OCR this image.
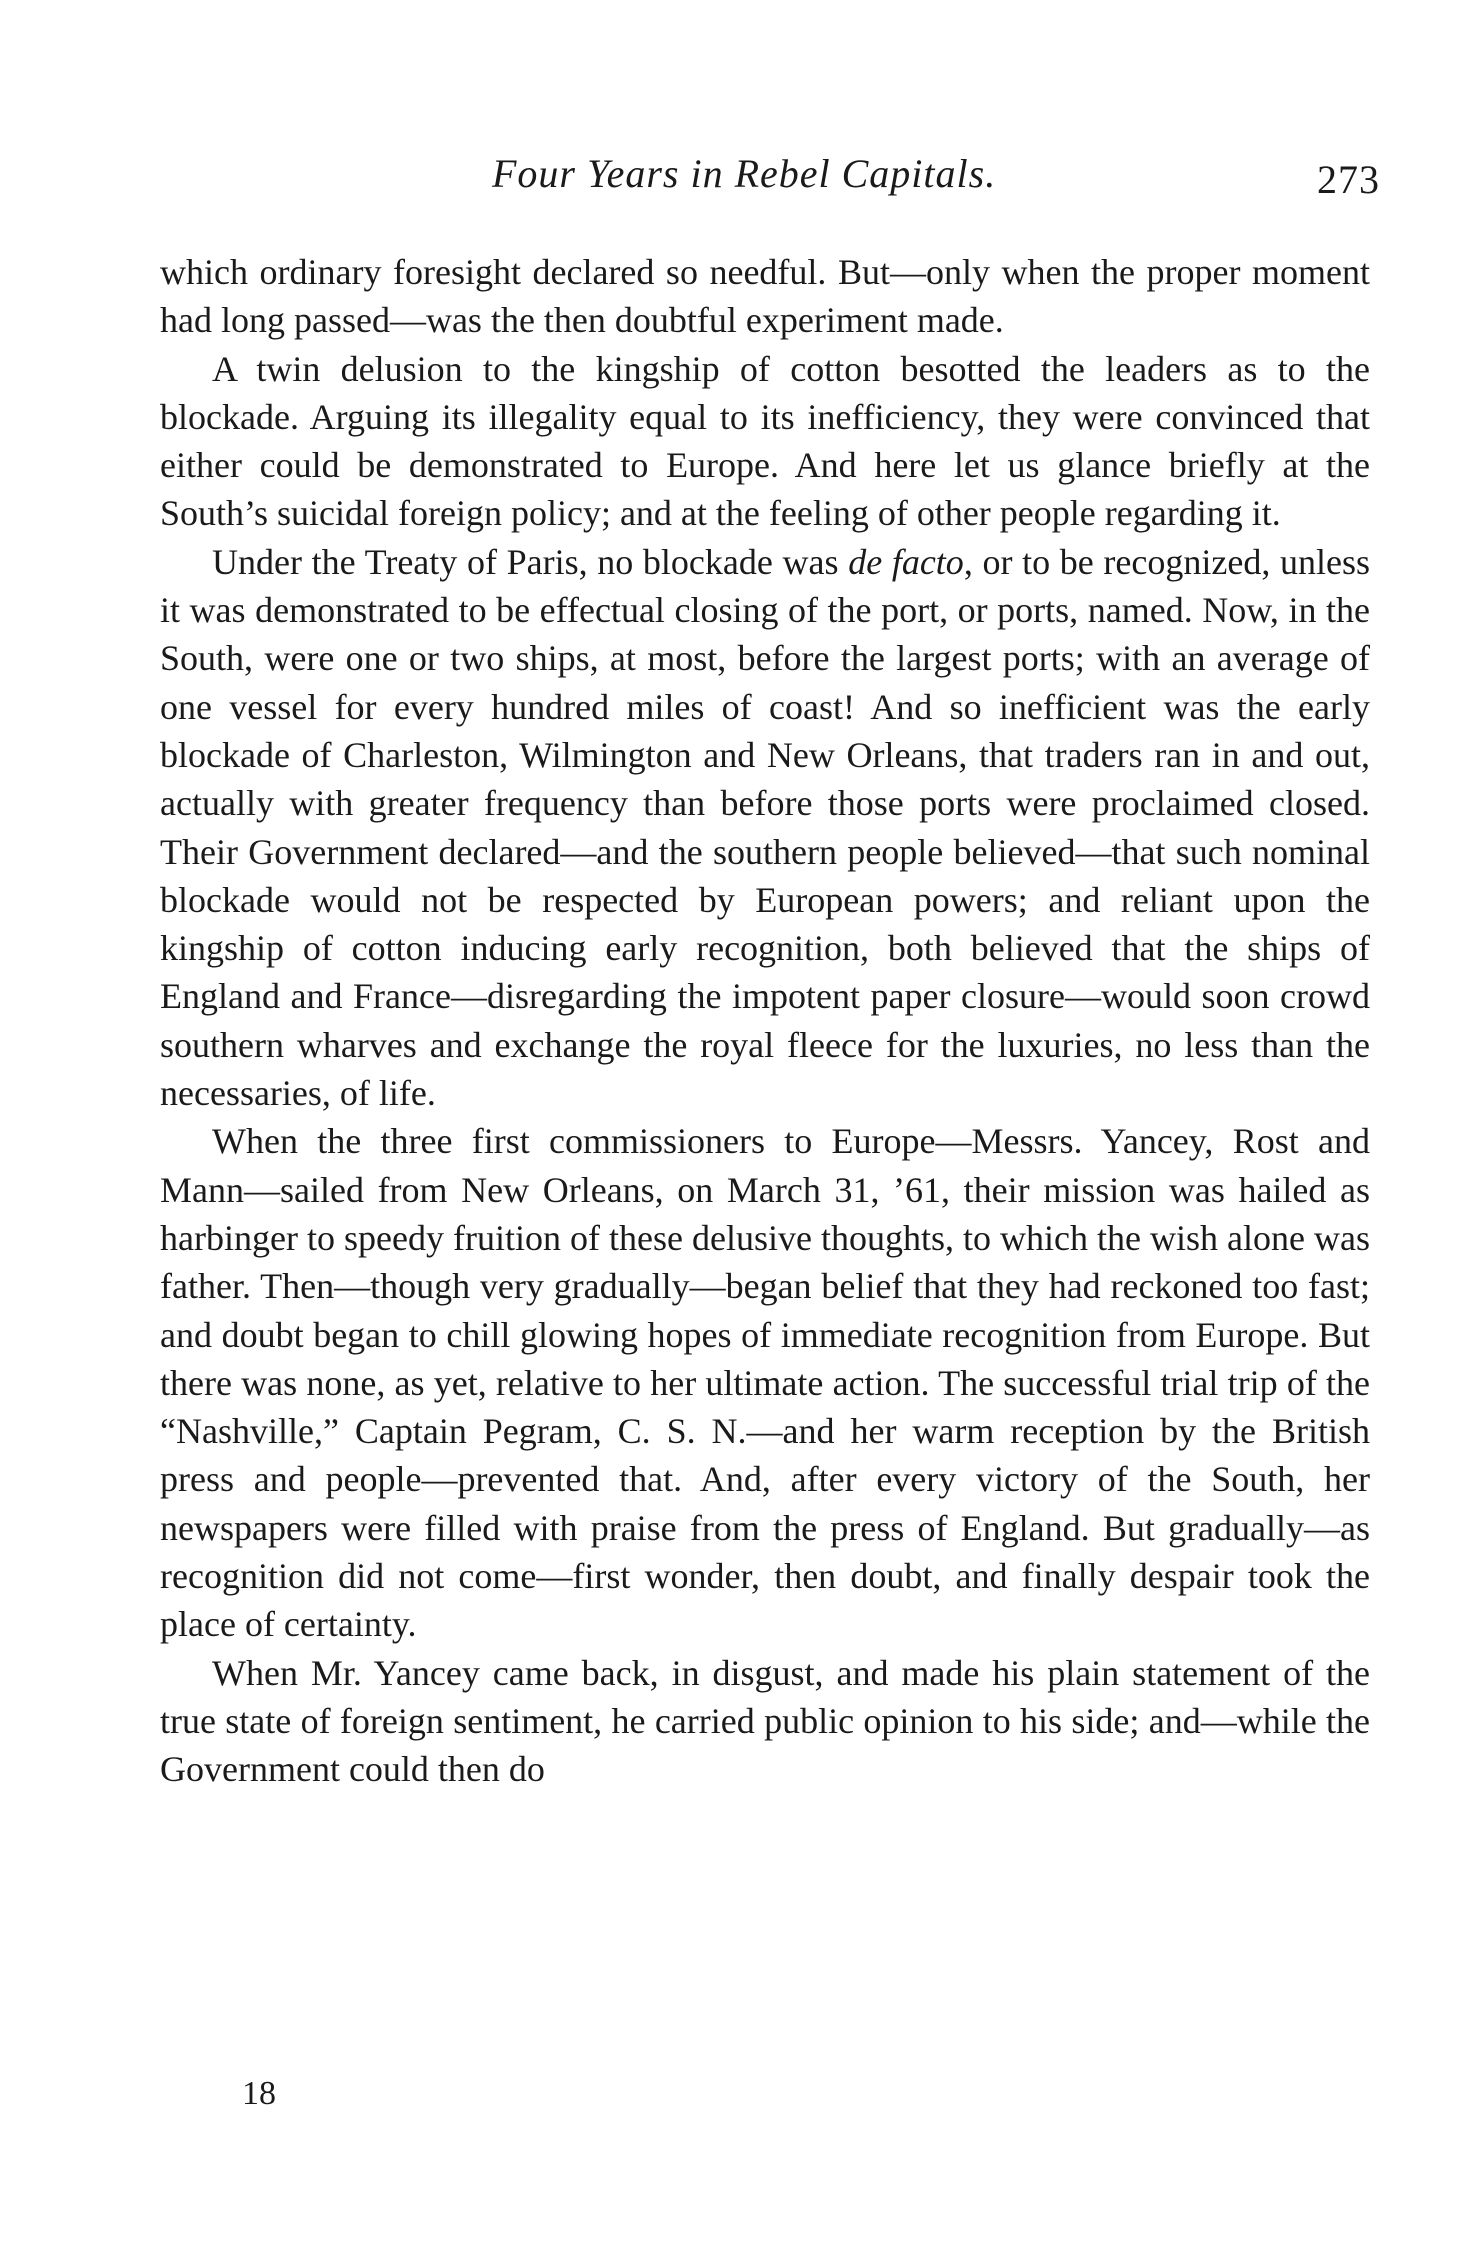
Four Years in Rebel Capitals.	273

which ordinary foresight declared so needful. But—only when the proper moment had long passed—was the then doubtful experiment made.

A twin delusion to the kingship of cotton besotted the leaders as to the blockade. Arguing its illegality equal to its inefficiency, they were convinced that either could be demonstrated to Europe. And here let us glance briefly at the South’s suicidal foreign policy; and at the feeling of other people regarding it.

Under the Treaty of Paris, no blockade was de facto, or to be recognized, unless it was demonstrated to be effectual closing of the port, or ports, named. Now, in the South, were one or two ships, at most, before the largest ports; with an average of one vessel for every hundred miles of coast! And so inefficient was the early blockade of Charleston, Wilmington and New Orleans, that traders ran in and out, actually with greater frequency than before those ports were proclaimed closed. Their Government declared—and the southern people believed—that such nominal blockade would not be respected by European powers; and reliant upon the kingship of cotton inducing early recognition, both believed that the ships of England and France—disregarding the impotent paper closure—would soon crowd southern wharves and exchange the royal fleece for the luxuries, no less than the necessaries, of life.

When the three first commissioners to Europe—Messrs. Yancey, Rost and Mann—sailed from New Orleans, on March 31, ’61, their mission was hailed as harbinger to speedy fruition of these delusive thoughts, to which the wish alone was father. Then—though very gradually—began belief that they had reckoned too fast; and doubt began to chill glowing hopes of immediate recognition from Europe. But there was none, as yet, relative to her ultimate action. The successful trial trip of the “Nashville,” Captain Pegram, C. S. N.—and her warm reception by the British press and people—prevented that. And, after every victory of the South, her newspapers were filled with praise from the press of England. But gradually—as recognition did not come—first wonder, then doubt, and finally despair took the place of certainty.

When Mr. Yancey came back, in disgust, and made his plain statement of the true state of foreign sentiment, he carried public opinion to his side; and—while the Government could then do

18
